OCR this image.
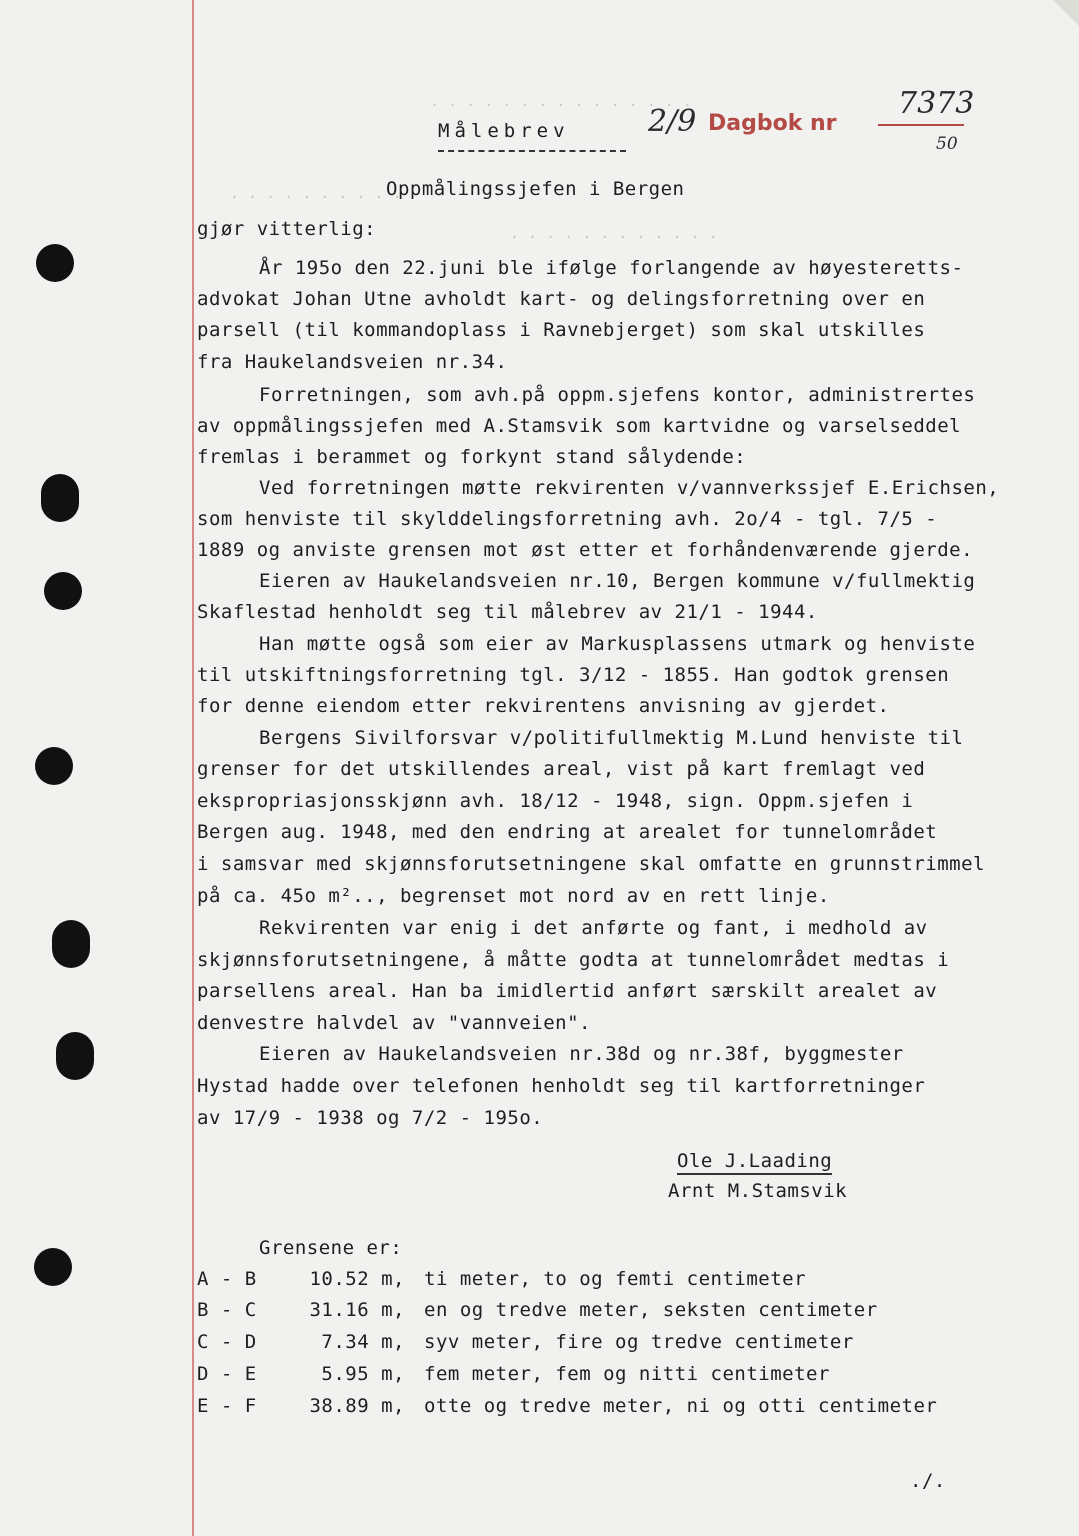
· · · · · · · · · · · · · · ·
· · · · · · · · · ·
· · · · · · · · · · · ·
Målebrev	2/9 Dagbok nr
7373
50
Oppmålingssjefen i Bergen
gjør vitterlig:
År 195o den 22.juni ble ifølge forlangende av høyesteretts-
advokat Johan Utne avholdt kart- og delingsforretning over en
parsell (til kommandoplass i Ravnebjerget) som skal utskilles
fra Haukelandsveien nr.34.
Forretningen, som avh.på oppm.sjefens kontor, administrertes
av oppmålingssjefen med A.Stamsvik som kartvidne og varselseddel
fremlas i berammet og forkynt stand sålydende:
Ved forretningen møtte rekvirenten v/vannverkssjef E.Erichsen,
som henviste til skylddelingsforretning avh. 2o/4 - tgl. 7/5 -
1889 og anviste grensen mot øst etter et forhåndenværende gjerde.
Eieren av Haukelandsveien nr.10, Bergen kommune v/fullmektig
Skaflestad henholdt seg til målebrev av 21/1 - 1944.
Han møtte også som eier av Markusplassens utmark og henviste
til utskiftningsforretning tgl. 3/12 - 1855. Han godtok grensen
for denne eiendom etter rekvirentens anvisning av gjerdet.
Bergens Sivilforsvar v/politifullmektig M.Lund henviste til
grenser for det utskillendes areal, vist på kart fremlagt ved
ekspropriasjonsskjønn avh. 18/12 - 1948, sign. Oppm.sjefen i
Bergen aug. 1948, med den endring at arealet for tunnelområdet
i samsvar med skjønnsforutsetningene skal omfatte en grunnstrimmel
på ca. 45o m².., begrenset mot nord av en rett linje.
Rekvirenten var enig i det anførte og fant, i medhold av
skjønnsforutsetningene, å måtte godta at tunnelområdet medtas i
parsellens areal. Han ba imidlertid anført særskilt arealet av
denvestre halvdel av "vannveien".
Eieren av Haukelandsveien nr.38d og nr.38f, byggmester
Hystad hadde over telefonen henholdt seg til kartforretninger
av 17/9 - 1938 og 7/2 - 195o.
Ole J.Laading
Arnt M.Stamsvik
Grensene er:
A - B	10.52 m, ti meter, to og femti centimeter
B - C	31.16 m, en og tredve meter, seksten centimeter
C - D	7.34 m, syv meter, fire og tredve centimeter
D - E	5.95 m, fem meter, fem og nitti centimeter
E - F	38.89 m, otte og tredve meter, ni og otti centimeter
./.
